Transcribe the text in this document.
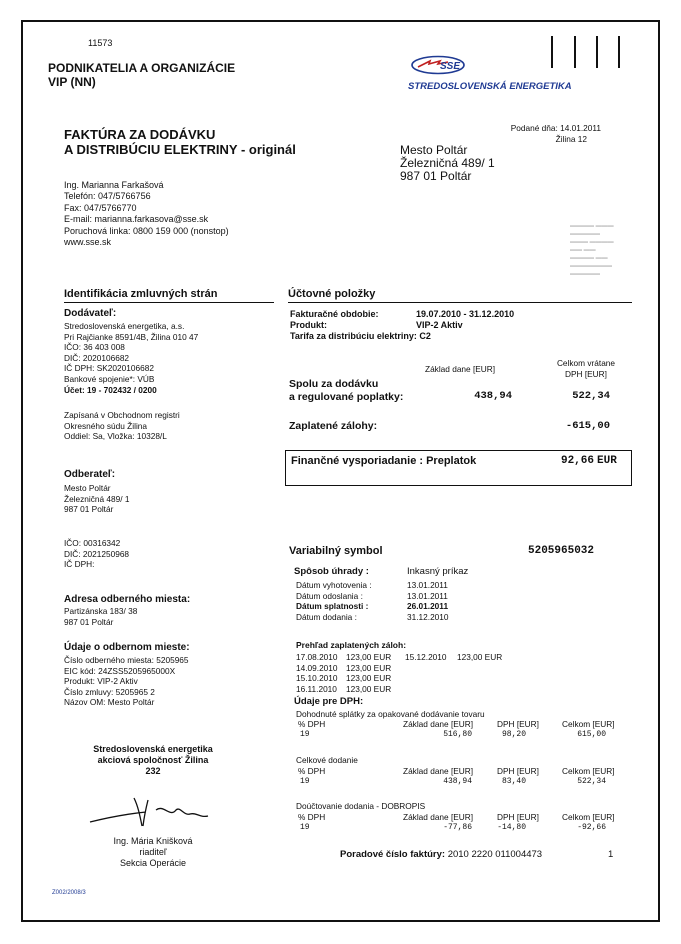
11573
PODNIKATELIA A ORGANIZÁCIE
VIP (NN)
SSE
STREDOSLOVENSKÁ ENERGETIKA
FAKTÚRA ZA DODÁVKU
A DISTRIBÚCIU ELEKTRINY - originál
Podané dňa: 14.01.2011
Žilina 12
Mesto Poltár
Železničná 489/ 1
987 01 Poltár
Ing. Marianna Farkašová
Telefón: 047/5766756
Fax: 047/5766770
E-mail: marianna.farkasova@sse.sk
Poruchová linka: 0800 159 000 (nonstop)
www.sse.sk
▬▬▬▬ ▬▬▬
▬▬▬▬▬
▬▬▬ ▬▬▬▬
▬▬ ▬▬
▬▬▬▬ ▬▬
▬▬▬▬▬▬▬
▬▬▬▬▬
Identifikácia zmluvných strán	Účtovné položky
Dodávateľ:
Stredoslovenská energetika, a.s.
Pri Rajčianke 8591/4B, Žilina 010 47
IČO: 36 403 008
DIČ: 2020106682
IČ DPH: SK2020106682
Bankové spojenie*: VÚB
Účet: 19 - 702432 / 0200
Zapísaná v Obchodnom registri
Okresného súdu Žilina
Oddiel: Sa, Vložka: 10328/L
Odberateľ:
Mesto Poltár
Železničná 489/ 1
987 01 Poltár
IČO: 00316342
DIČ: 2021250968
IČ DPH:
Adresa odberného miesta:
Partizánska 183/ 38
987 01 Poltár
Údaje o odbernom mieste:
Číslo odberného miesta: 5205965
EIC kód: 24ZSS5205965000X
Produkt: VIP-2 Aktiv
Číslo zmluvy: 5205965 2
Názov OM: Mesto Poltár
Stredoslovenská energetika
akciová spoločnosť Žilina
232
Ing. Mária Knišková
riaditeľ
Sekcia Operácie
Z002/2008/3
Fakturačné obdobie:	19.07.2010 - 31.12.2010
Produkt:	VIP-2 Aktiv
Tarifa za distribúciu elektriny: C2
Základ dane [EUR]
Celkom vrátane
DPH [EUR]
Spolu za dodávku
a regulované poplatky:	438,94	522,34
Zaplatené zálohy:	-615,00
Finančné vysporiadanie : Preplatok	92,66 EUR
Variabilný symbol	5205965032
Spôsob úhrady :	Inkasný príkaz
Dátum vyhotovenia :	13.01.2011
Dátum odoslania :	13.01.2011
Dátum splatnosti :	26.01.2011
Dátum dodania :	31.12.2010
Prehľad zaplatených záloh:
17.08.2010 123,00 EUR
14.09.2010 123,00 EUR
15.10.2010 123,00 EUR
16.11.2010 123,00 EUR
15.12.2010 123,00 EUR
Údaje pre DPH:
Dohodnuté splátky za opakované dodávanie tovaru
% DPH	Základ dane [EUR]	DPH [EUR]	Celkom [EUR]
19	516,80	98,20	615,00
Celkové dodanie
% DPH	Základ dane [EUR]	DPH [EUR]	Celkom [EUR]
19	438,94	83,40	522,34
Doúčtovanie dodania - DOBROPIS
% DPH	Základ dane [EUR]	DPH [EUR]	Celkom [EUR]
19	-77,86	-14,80	-92,66
Poradové číslo faktúry: 2010 2220 011004473	1
